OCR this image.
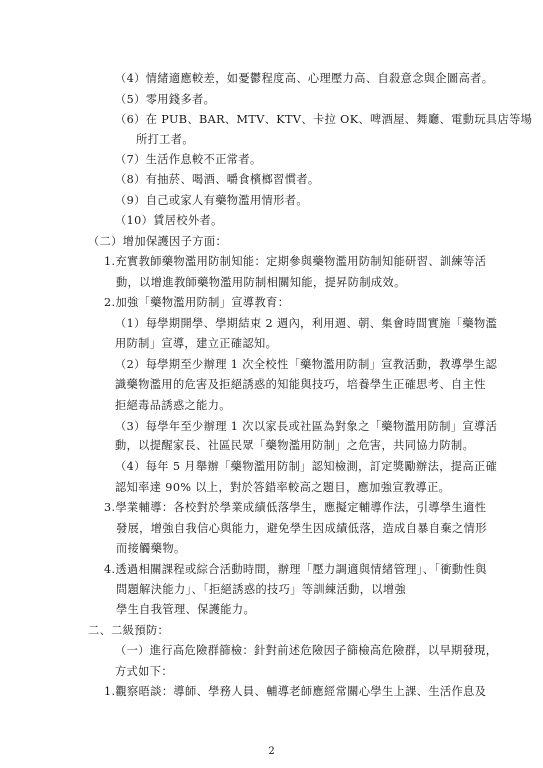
（4）情緒適應較差，如憂鬱程度高、心理壓力高、自殺意念與企圖高者。
（5）零用錢多者。
（6）在 PUB、BAR、MTV、KTV、卡拉 OK、啤酒屋、舞廳、電動玩具店等場
所打工者。
（7）生活作息較不正常者。
（8）有抽菸、喝酒、嚼食檳榔習慣者。
（9）自己或家人有藥物濫用情形者。
（10）賃居校外者。
（二）增加保護因子方面：
1.充實教師藥物濫用防制知能：定期參與藥物濫用防制知能研習、訓練等活
動，以增進教師藥物濫用防制相關知能，提昇防制成效。
2.加強「藥物濫用防制」宣導教育：
（1）每學期開學、學期結束 2 週內，利用週、朝、集會時間實施「藥物濫
用防制」宣導，建立正確認知。
（2）每學期至少辦理 1 次全校性「藥物濫用防制」宣教活動，教導學生認
識藥物濫用的危害及拒絕誘惑的知能與技巧，培養學生正確思考、自主性
拒絕毒品誘惑之能力。
（3）每學年至少辦理 1 次以家長或社區為對象之「藥物濫用防制」宣導活
動，以提醒家長、社區民眾「藥物濫用防制」之危害，共同協力防制。
（4）每年 5 月舉辦「藥物濫用防制」認知檢測，訂定獎勵辦法，提高正確
認知率達 90% 以上，對於答錯率較高之題目，應加強宣教導正。
3.學業輔導：各校對於學業成績低落學生，應擬定輔導作法，引導學生適性
發展，增強自我信心與能力，避免學生因成績低落，造成自暴自棄之情形
而接觸藥物。
4.透過相關課程或綜合活動時間，辦理「壓力調適與情緒管理」、「衝動性與
問題解決能力」、「拒絕誘惑的技巧」等訓練活動，以增強
學生自我管理、保護能力。
二、二級預防：
（一）進行高危險群篩檢：針對前述危險因子篩檢高危險群，以早期發現，
方式如下：
1.觀察晤談：導師、學務人員、輔導老師應經常關心學生上課、生活作息及
2
